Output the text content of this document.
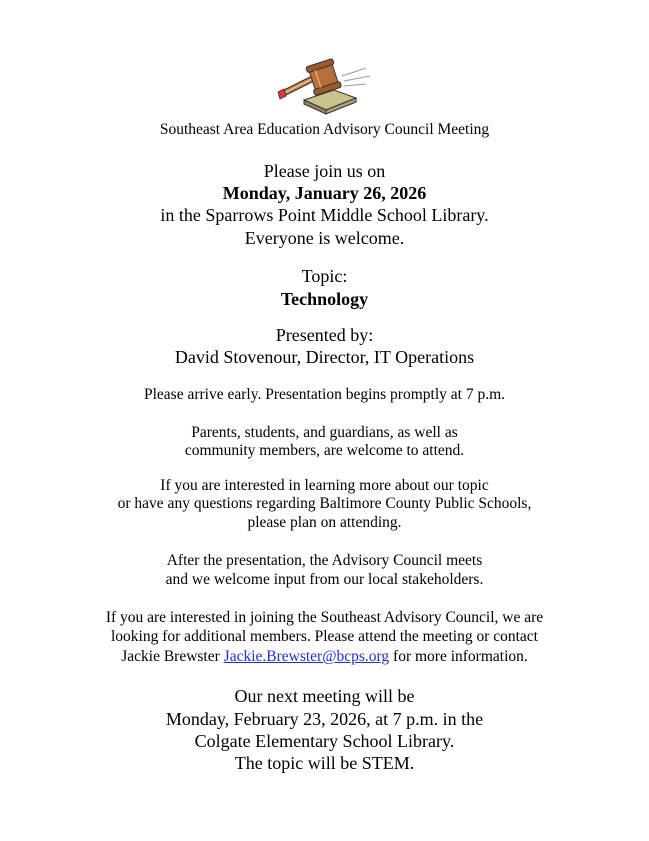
Southeast Area Education Advisory Council Meeting
Please join us on
Monday, January 26, 2026
in the Sparrows Point Middle School Library.
Everyone is welcome.
Topic:
Technology
Presented by:
David Stovenour, Director, IT Operations
Please arrive early. Presentation begins promptly at 7 p.m.
Parents, students, and guardians, as well as
community members, are welcome to attend.
If you are interested in learning more about our topic
or have any questions regarding Baltimore County Public Schools,
please plan on attending.
After the presentation, the Advisory Council meets
and we welcome input from our local stakeholders.
If you are interested in joining the Southeast Advisory Council, we are
looking for additional members. Please attend the meeting or contact
Jackie Brewster Jackie.Brewster@bcps.org for more information.
Our next meeting will be
Monday, February 23, 2026, at 7 p.m. in the
Colgate Elementary School Library.
The topic will be STEM.
